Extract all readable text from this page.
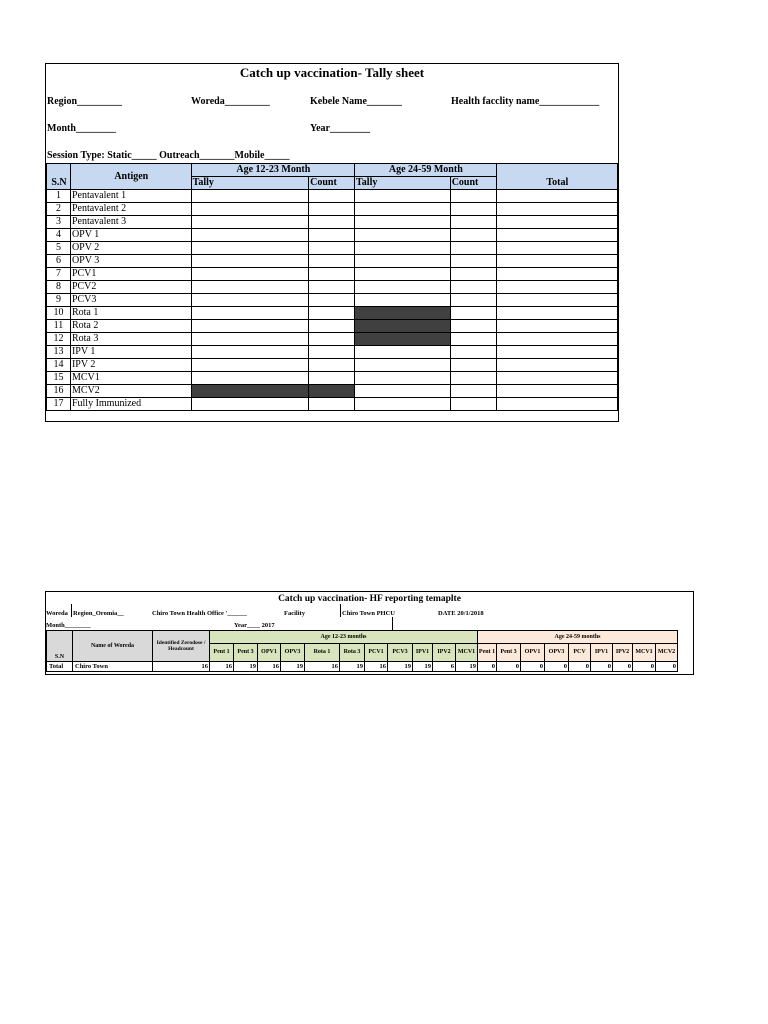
Catch up vaccination- Tally sheet
Region_________	Woreda_________	Kebele Name_______	Health facclity name____________
Month________	Year________
Session Type: Static_____ Outreach_______Mobile_____
S.N	Antigen	Age 12-23 Month		Age 24-59 Month		Total
		Tally	Count	Tally	Count	
1	Pentavalent 1					
2	Pentavalent 2					
3	Pentavalent 3					
4	OPV 1					
5	OPV 2					
6	OPV 3					
7	PCV1					
8	PCV2					
9	PCV3					
10	Rota 1					
11	Rota 2					
12	Rota 3					
13	IPV 1					
14	IPV 2					
15	MCV1					
16	MCV2					
17	Fully Immunized					
Catch up vaccination- HF reporting temaplte
Woreda Region_Oromia__	Chiro Town Health Office '______	Facility	Chiro Town PHCU	DATE 20/1/2018
Month________	Year____ 2017
S.N	Name of Woreda	Identified Zerodose / Headcount	Age 12-23 months											Age 24-59 months								
			Pent 1	Pent 3	OPV1	OPV3	Rota 1	Rota 3	PCV1	PCV3	IPV1	IPV2	MCV1	Pent 1	Pent 3	OPV1	OPV3	PCV	IPV1	IPV2	MCV1	MCV2
Total	Chiro Town	16	16	19	16	19	16	19	16	19	19	6	19	0	0	0	0	0	0	0	0	0
